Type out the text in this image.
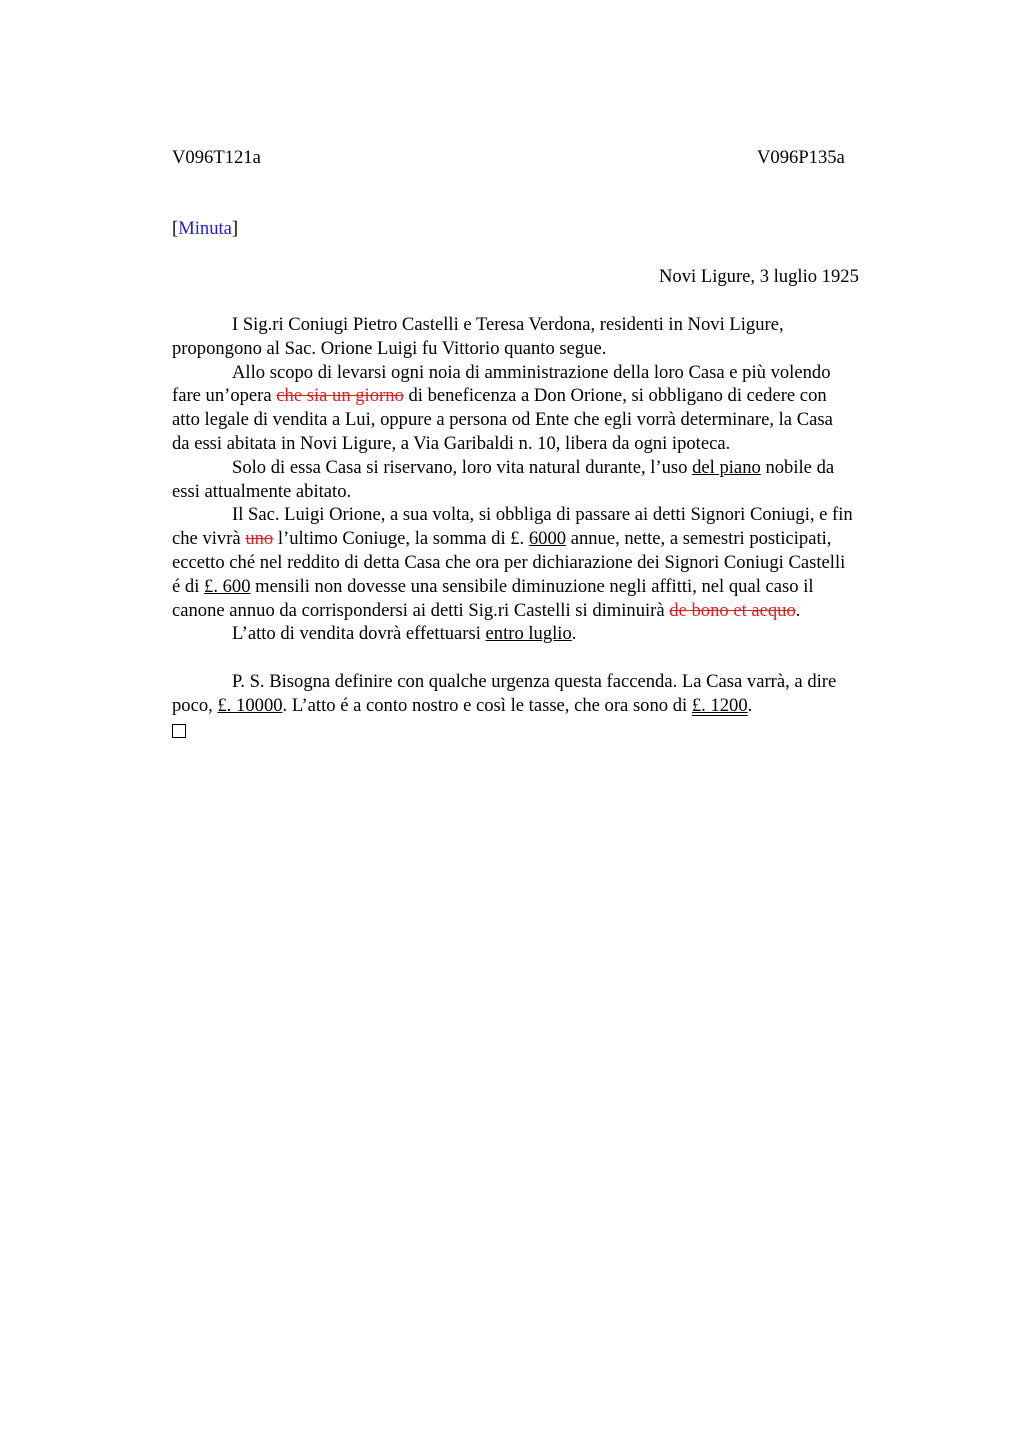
V096T121a	V096P135a
[Minuta]
Novi Ligure, 3 luglio 1925
I Sig.ri Coniugi Pietro Castelli e Teresa Verdona, residenti in Novi Ligure,
propongono al Sac. Orione Luigi fu Vittorio quanto segue.
Allo scopo di levarsi ogni noia di amministrazione della loro Casa e più volendo
fare un’opera che sia un giorno di beneficenza a Don Orione, si obbligano di cedere con
atto legale di vendita a Lui, oppure a persona od Ente che egli vorrà determinare, la Casa
da essi abitata in Novi Ligure, a Via Garibaldi n. 10, libera da ogni ipoteca.
Solo di essa Casa si riservano, loro vita natural durante, l’uso del piano nobile da
essi attualmente abitato.
Il Sac. Luigi Orione, a sua volta, si obbliga di passare ai detti Signori Coniugi, e fin
che vivrà uno l’ultimo Coniuge, la somma di £. 6000 annue, nette, a semestri posticipati,
eccetto ché nel reddito di detta Casa che ora per dichiarazione dei Signori Coniugi Castelli
é di £. 600 mensili non dovesse una sensibile diminuzione negli affitti, nel qual caso il
canone annuo da corrispondersi ai detti Sig.ri Castelli si diminuirà de bono et aequo.
L’atto di vendita dovrà effettuarsi entro luglio.
P. S. Bisogna definire con qualche urgenza questa faccenda. La Casa varrà, a dire
poco, £. 10000. L’atto é a conto nostro e così le tasse, che ora sono di £. 1200.
